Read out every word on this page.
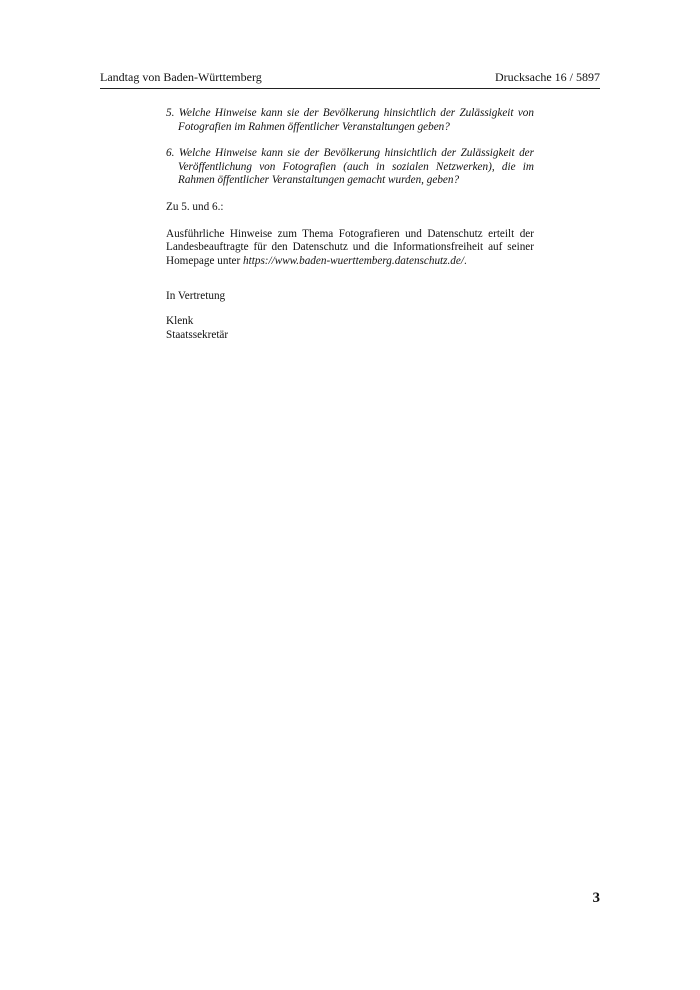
Landtag von Baden-Württemberg	Drucksache 16 / 5897

5. Welche Hinweise kann sie der Bevölkerung hinsichtlich der Zulässigkeit von Fotografien im Rahmen öffentlicher Veranstaltungen geben?

6. Welche Hinweise kann sie der Bevölkerung hinsichtlich der Zulässigkeit der Veröffentlichung von Fotografien (auch in sozialen Netzwerken), die im Rahmen öffentlicher Veranstaltungen gemacht wurden, geben?

Zu 5. und 6.:

Ausführliche Hinweise zum Thema Fotografieren und Datenschutz erteilt der Landesbeauftragte für den Datenschutz und die Informationsfreiheit auf seiner Homepage unter https://www.baden-wuerttemberg.datenschutz.de/.

In Vertretung

Klenk

Staatssekretär

3
